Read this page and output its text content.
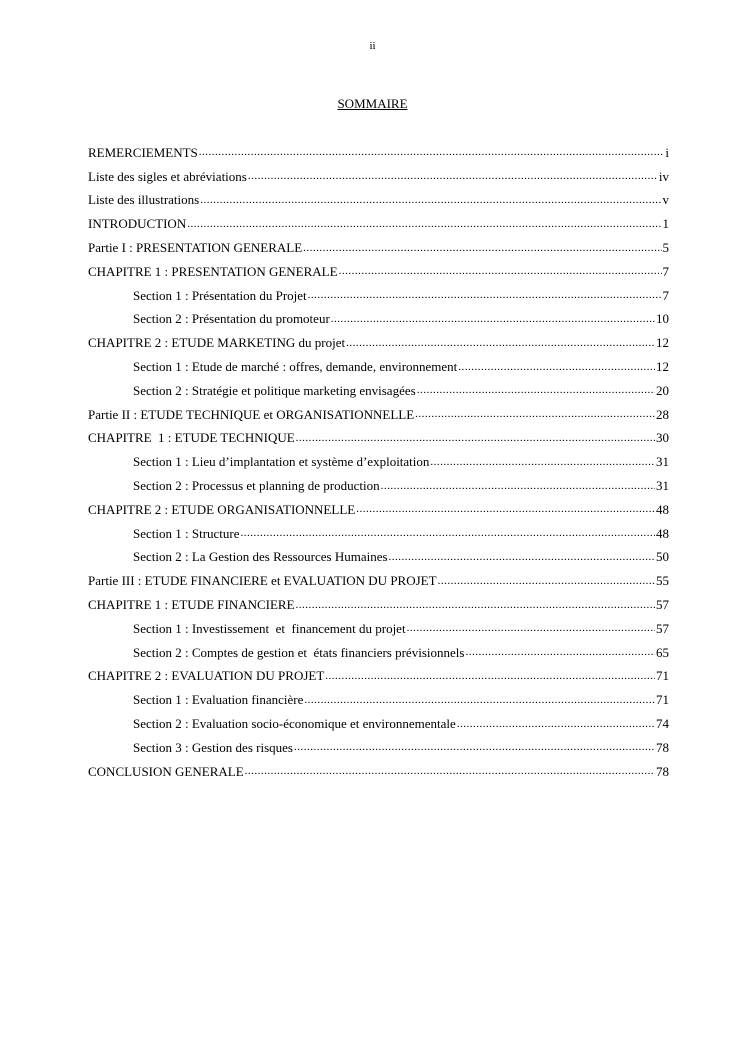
ii
SOMMAIRE
REMERCIEMENTS .....	i
Liste des sigles et abréviations .....	iv
Liste des illustrations .....	v
INTRODUCTION .....	1
Partie I : PRESENTATION GENERALE .....	5
CHAPITRE 1 : PRESENTATION GENERALE .....	7
Section 1 : Présentation du Projet .....	7
Section 2 : Présentation du promoteur .....	10
CHAPITRE 2 : ETUDE MARKETING du projet .....	12
Section 1 : Etude de marché : offres, demande, environnement .....	12
Section 2 : Stratégie et politique marketing envisagées .....	20
Partie II : ETUDE TECHNIQUE et ORGANISATIONNELLE .....	28
CHAPITRE  1 : ETUDE TECHNIQUE .....	30
Section 1 : Lieu d’implantation et système d’exploitation .....	31
Section 2 : Processus et planning de production .....	31
CHAPITRE 2 : ETUDE ORGANISATIONNELLE .....	48
Section 1 : Structure .....	48
Section 2 : La Gestion des Ressources Humaines .....	50
Partie III : ETUDE FINANCIERE et EVALUATION DU PROJET .....	55
CHAPITRE 1 : ETUDE FINANCIERE .....	57
Section 1 : Investissement  et  financement du projet .....	57
Section 2 : Comptes de gestion et  états financiers prévisionnels .....	65
CHAPITRE 2 : EVALUATION DU PROJET .....	71
Section 1 : Evaluation financière .....	71
Section 2 : Evaluation socio-économique et environnementale .....	74
Section 3 : Gestion des risques .....	78
CONCLUSION GENERALE .....	78
